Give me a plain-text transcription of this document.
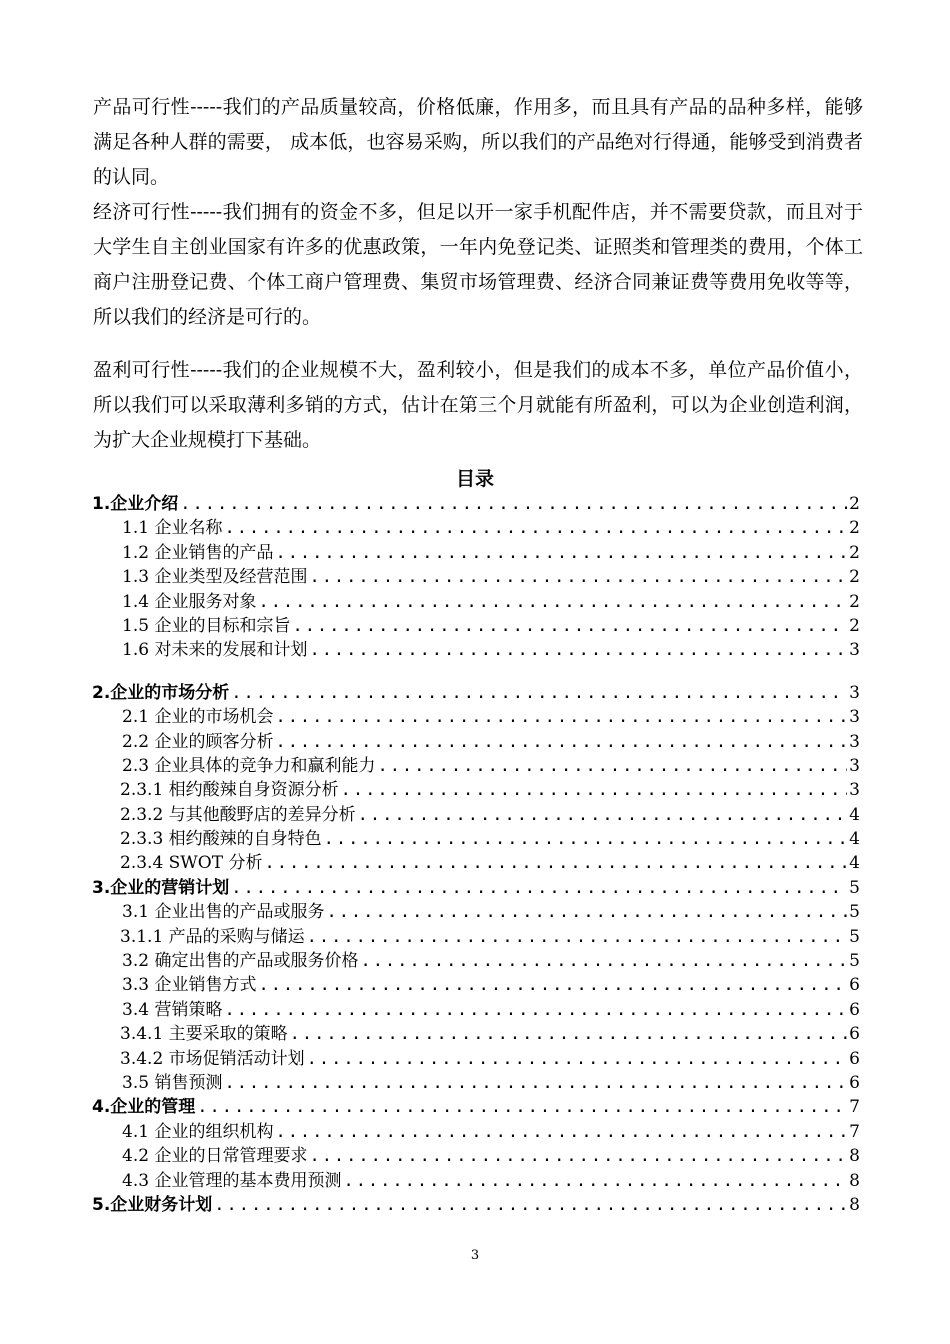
产品可行性-----我们的产品质量较高，价格低廉，作用多，而且具有产品的品种多样，能够满足各种人群的需要， 成本低，也容易采购，所以我们的产品绝对行得通，能够受到消费者的认同。

经济可行性-----我们拥有的资金不多，但足以开一家手机配件店，并不需要贷款，而且对于大学生自主创业国家有许多的优惠政策，一年内免登记类、证照类和管理类的费用，个体工商户注册登记费、个体工商户管理费、集贸市场管理费、经济合同兼证费等费用免收等等，所以我们的经济是可行的。

盈利可行性-----我们的企业规模不大，盈利较小，但是我们的成本不多，单位产品价值小，所以我们可以采取薄利多销的方式，估计在第三个月就能有所盈利，可以为企业创造利润，为扩大企业规模打下基础。

目录
1. 企业介绍 .....	2
1.1 企业名称 .....	2
1.2 企业销售的产品 .....	2
1.3 企业类型及经营范围 .....	2
1.4 企业服务对象 .....	2
1.5 企业的目标和宗旨 .....	2
1.6 对未来的发展和计划 .....	3
2. 企业的市场分析 .....	3
2.1 企业的市场机会 .....	3
2.2 企业的顾客分析 .....	3
2.3 企业具体的竞争力和赢利能力 .....	3
2.3.1 相约酸辣自身资源分析 .....	3
2.3.2 与其他酸野店的差异分析 .....	4
2.3.3 相约酸辣的自身特色 .....	4
2.3.4 SWOT 分析 .....	4
3. 企业的营销计划 .....	5
3.1 企业出售的产品或服务 .....	5
3.1.1 产品的采购与储运 .....	5
3.2 确定出售的产品或服务价格 .....	5
3.3 企业销售方式 .....	6
3.4 营销策略 .....	6
3.4.1 主要采取的策略 .....	6
3.4.2 市场促销活动计划 .....	6
3.5 销售预测 .....	6
4. 企业的管理 .....	7
4.1 企业的组织机构 .....	7
4.2 企业的日常管理要求 .....	8
4.3 企业管理的基本费用预测 .....	8
5. 企业财务计划 .....	8
3
